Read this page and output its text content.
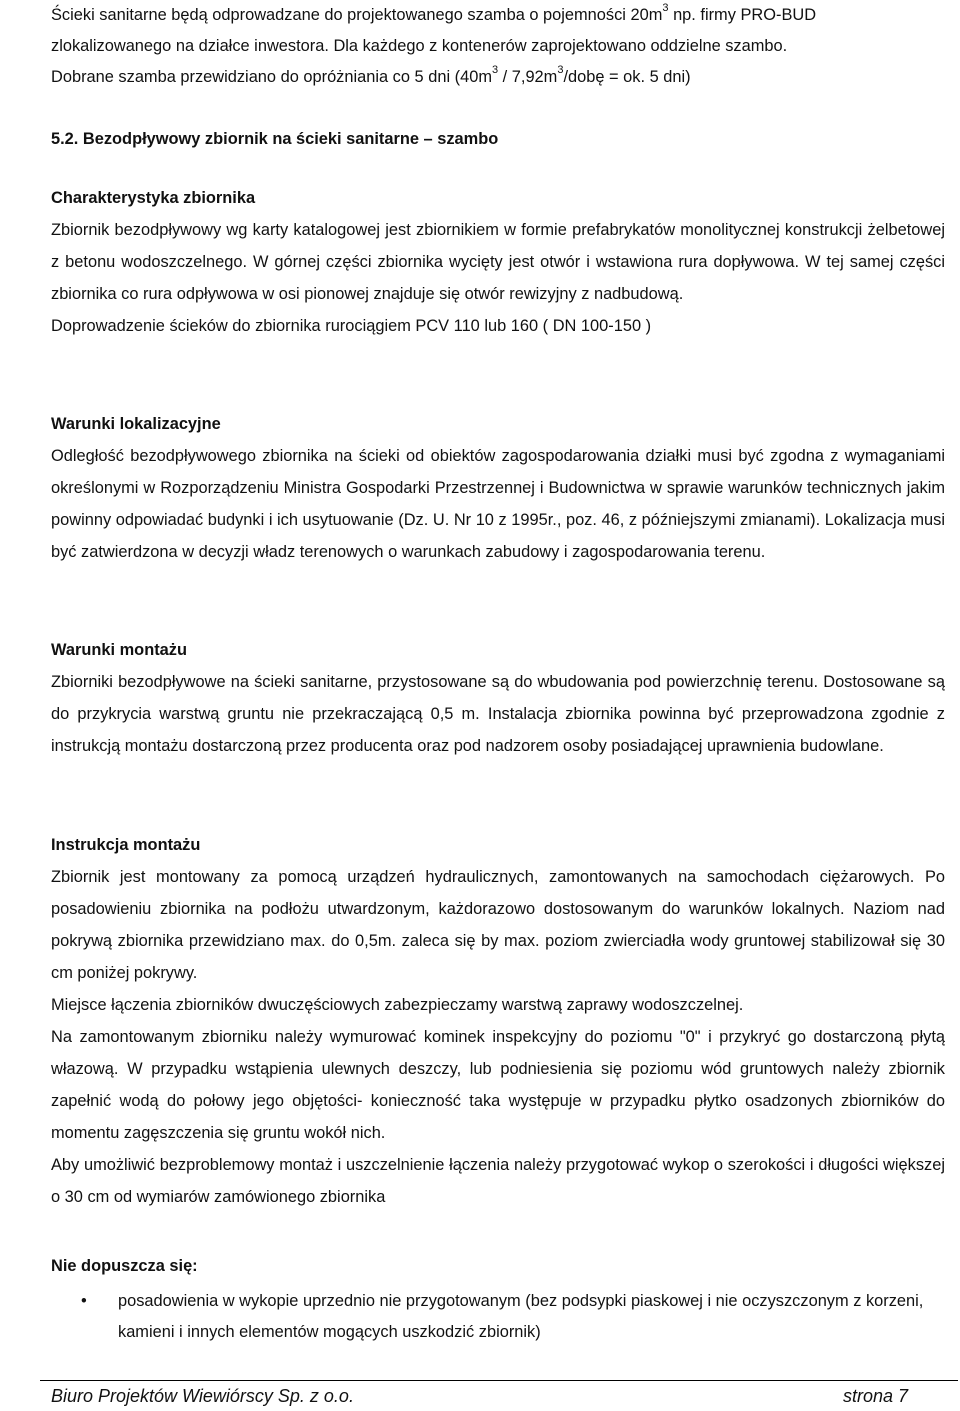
Ścieki sanitarne będą odprowadzane do projektowanego szamba o pojemności $20m^3$ np. firmy PRO-BUD

zlokalizowanego na działce inwestora. Dla każdego z kontenerów zaprojektowano oddzielne szambo.

Dobrane szamba przewidziano do opróżniania co 5 dni ($40m^3$ / $7,92m^3$/dobę = ok. 5 dni)

5.2. Bezodpływowy zbiornik na ścieki sanitarne – szambo

Charakterystyka zbiornika

Zbiornik bezodpływowy wg karty katalogowej jest zbiornikiem w formie prefabrykatów monolitycznej konstrukcji żelbetowej z betonu wodoszczelnego. W górnej części zbiornika wycięty jest otwór i wstawiona rura dopływowa. W tej samej części zbiornika co rura odpływowa w osi pionowej znajduje się otwór rewizyjny z nadbudową.

Doprowadzenie ścieków do zbiornika rurociągiem PCV 110 lub 160 ( DN 100-150 )

Warunki lokalizacyjne

Odległość bezodpływowego zbiornika na ścieki od obiektów zagospodarowania działki musi być zgodna z wymaganiami określonymi w Rozporządzeniu Ministra Gospodarki Przestrzennej i Budownictwa w sprawie warunków technicznych jakim powinny odpowiadać budynki i ich usytuowanie (Dz. U. Nr 10 z 1995r., poz. 46, z późniejszymi zmianami). Lokalizacja musi być zatwierdzona w decyzji władz terenowych o warunkach zabudowy i zagospodarowania terenu.

Warunki montażu

Zbiorniki bezodpływowe na ścieki sanitarne, przystosowane są do wbudowania pod powierzchnię terenu. Dostosowane są do przykrycia warstwą gruntu nie przekraczającą 0,5 m. Instalacja zbiornika powinna być przeprowadzona zgodnie z instrukcją montażu dostarczoną przez producenta oraz pod nadzorem osoby posiadającej uprawnienia budowlane.

Instrukcja montażu

Zbiornik jest montowany za pomocą urządzeń hydraulicznych, zamontowanych na samochodach ciężarowych. Po posadowieniu zbiornika na podłożu utwardzonym, każdorazowo dostosowanym do warunków lokalnych. Naziom nad pokrywą zbiornika przewidziano max. do 0,5m. zaleca się by max. poziom zwierciadła wody gruntowej stabilizował się 30 cm poniżej pokrywy.

Miejsce łączenia zbiorników dwuczęściowych zabezpieczamy warstwą zaprawy wodoszczelnej.

Na zamontowanym zbiorniku należy wymurować kominek inspekcyjny do poziomu "0" i przykryć go dostarczoną płytą włazową. W przypadku wstąpienia ulewnych deszczy, lub podniesienia się poziomu wód gruntowych należy zbiornik zapełnić wodą do połowy jego objętości- konieczność taka występuje w przypadku płytko osadzonych zbiorników do momentu zagęszczenia się gruntu wokół nich.

Aby umożliwić bezproblemowy montaż i uszczelnienie łączenia należy przygotować wykop o szerokości i długości większej o 30 cm od wymiarów zamówionego zbiornika

Nie dopuszcza się:

• posadowienia w wykopie uprzednio nie przygotowanym (bez podsypki piaskowej i nie oczyszczonym z korzeni, kamieni i innych elementów mogących uszkodzić zbiornik)
Biuro Projektów Wiewiórscy Sp. z o.o.	strona 7
